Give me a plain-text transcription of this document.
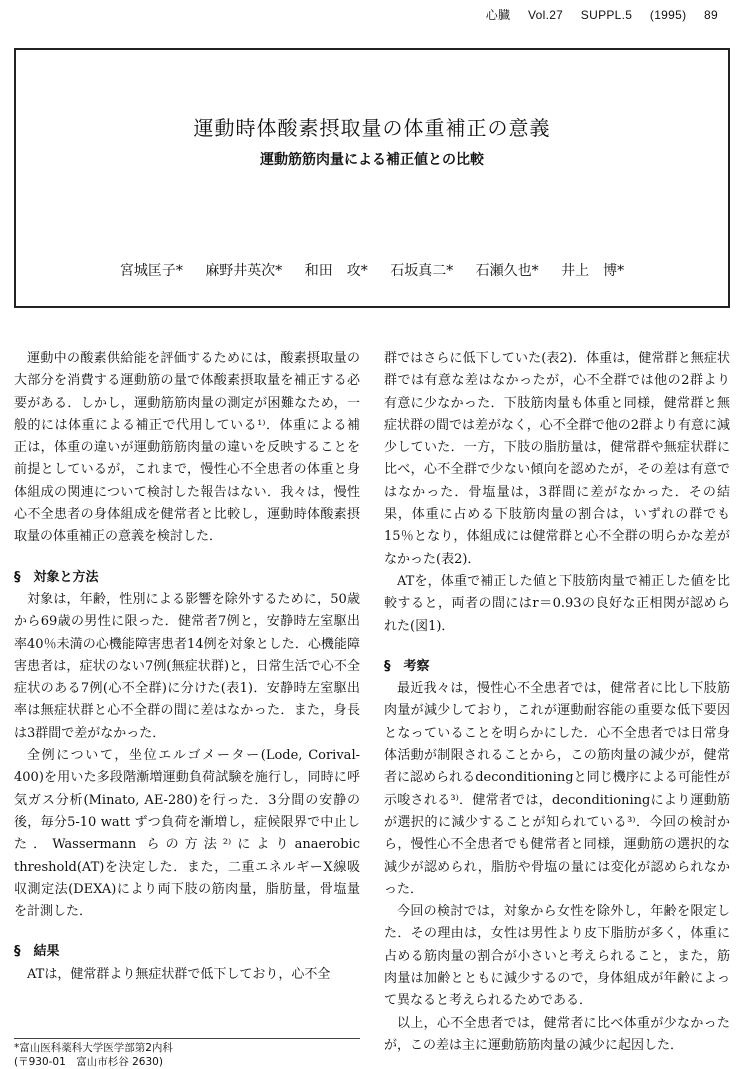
心臓 Vol.27 SUPPL.5 (1995) 89
運動時体酸素摂取量の体重補正の意義
運動筋筋肉量による補正値との比較
宮城匡子* 麻野井英次* 和田　攻* 石坂真二* 石瀬久也* 井上　博*

運動中の酸素供給能を評価するためには，酸素摂取量の大部分を消費する運動筋の量で体酸素摂取量を補正する必要がある．しかし，運動筋筋肉量の測定が困難なため，一般的には体重による補正で代用している¹⁾．体重による補正は，体重の違いが運動筋筋肉量の違いを反映することを前提としているが，これまで，慢性心不全患者の体重と身体組成の関連について検討した報告はない．我々は，慢性心不全患者の身体組成を健常者と比較し，運動時体酸素摂取量の体重補正の意義を検討した．

§　対象と方法

対象は，年齢，性別による影響を除外するために，50歳から69歳の男性に限った．健常者7例と，安静時左室駆出率40％未満の心機能障害患者14例を対象とした．心機能障害患者は，症状のない7例(無症状群)と，日常生活で心不全症状のある7例(心不全群)に分けた(表1)．安静時左室駆出率は無症状群と心不全群の間に差はなかった．また，身長は3群間で差がなかった．

全例について，坐位エルゴメーター(Lode, Corival-400)を用いた多段階漸増運動負荷試験を施行し，同時に呼気ガス分析(Minato, AE-280)を行った．3分間の安静の後，毎分5-10 watt ずつ負荷を漸増し，症候限界で中止した．Wassermann らの方法²⁾によりanaerobic threshold(AT)を決定した．また，二重エネルギーX線吸収測定法(DEXA)により両下肢の筋肉量，脂肪量，骨塩量を計測した．

§　結果

ATは，健常群より無症状群で低下しており，心不全

群ではさらに低下していた(表2)．体重は，健常群と無症状群では有意な差はなかったが，心不全群では他の2群より有意に少なかった．下肢筋肉量も体重と同様，健常群と無症状群の間では差がなく，心不全群で他の2群より有意に減少していた．一方，下肢の脂肪量は，健常群や無症状群に比べ，心不全群で少ない傾向を認めたが，その差は有意ではなかった．骨塩量は，3群間に差がなかった．その結果，体重に占める下肢筋肉量の割合は，いずれの群でも15％となり，体組成には健常群と心不全群の明らかな差がなかった(表2)．

ATを，体重で補正した値と下肢筋肉量で補正した値を比較すると，両者の間にはr＝0.93の良好な正相関が認められた(図1)．

§　考察

最近我々は，慢性心不全患者では，健常者に比し下肢筋肉量が減少しており，これが運動耐容能の重要な低下要因となっていることを明らかにした．心不全患者では日常身体活動が制限されることから，この筋肉量の減少が，健常者に認められるdeconditioningと同じ機序による可能性が示唆される³⁾．健常者では，deconditioningにより運動筋が選択的に減少することが知られている³⁾．今回の検討から，慢性心不全患者でも健常者と同様，運動筋の選択的な減少が認められ，脂肪や骨塩の量には変化が認められなかった．

今回の検討では，対象から女性を除外し，年齢を限定した．その理由は，女性は男性より皮下脂肪が多く，体重に占める筋肉量の割合が小さいと考えられること，また，筋肉量は加齢とともに減少するので，身体組成が年齢によって異なると考えられるためである．

以上，心不全患者では，健常者に比べ体重が少なかったが，この差は主に運動筋筋肉量の減少に起因した．

*富山医科薬科大学医学部第2内科
(〒930-01　富山市杉谷 2630)
